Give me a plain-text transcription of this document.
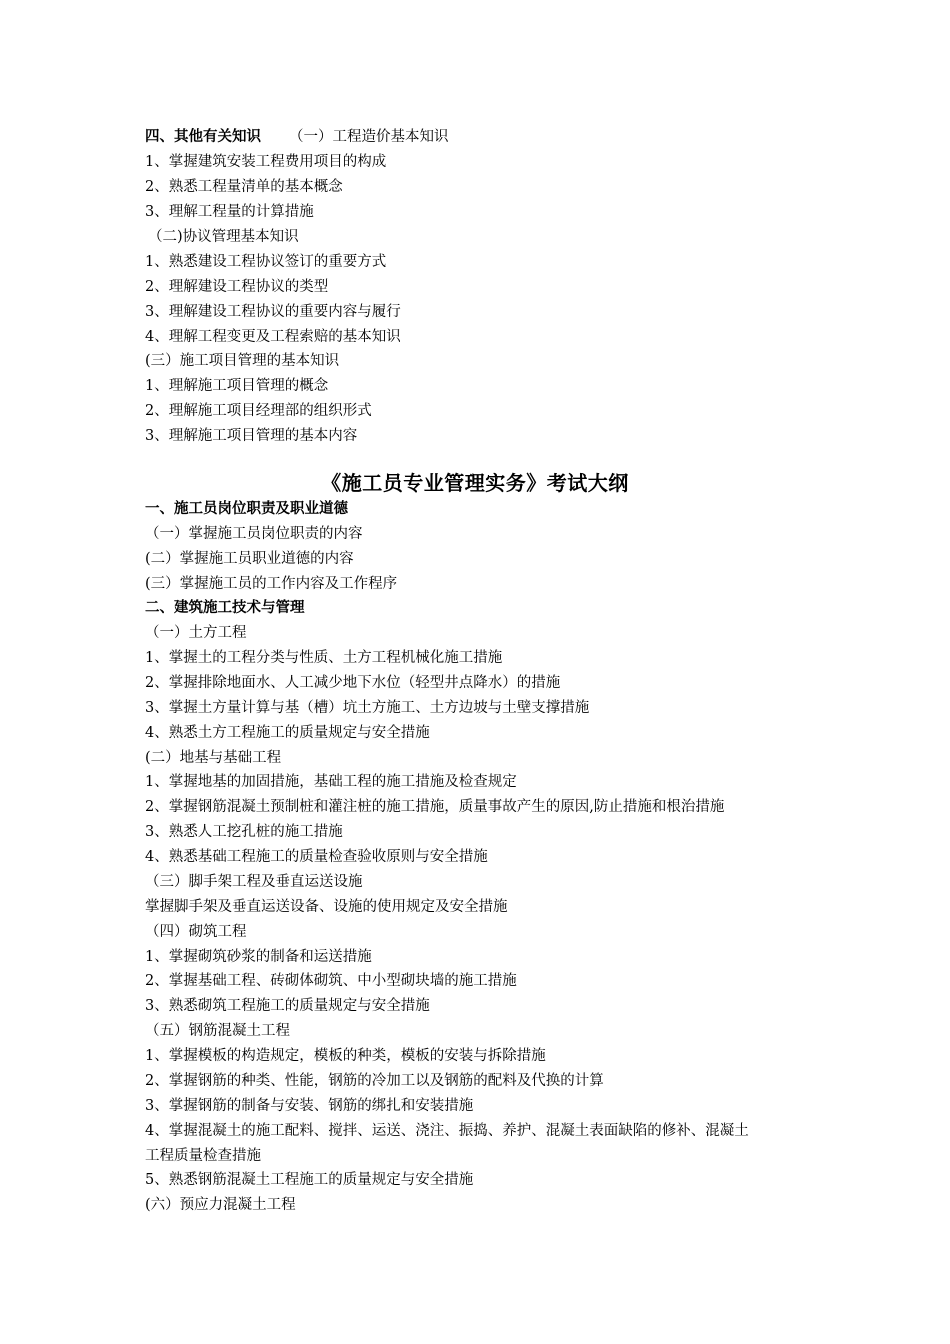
四、其他有关知识 （一）工程造价基本知识
1、掌握建筑安装工程费用项目的构成
2、熟悉工程量清单的基本概念
3、理解工程量的计算措施
（二)协议管理基本知识
1、熟悉建设工程协议签订的重要方式
2、理解建设工程协议的类型
3、理解建设工程协议的重要内容与履行
4、理解工程变更及工程索赔的基本知识
(三）施工项目管理的基本知识
1、理解施工项目管理的概念
2、理解施工项目经理部的组织形式
3、理解施工项目管理的基本内容
《施工员专业管理实务》考试大纲
一、施工员岗位职责及职业道德
（一）掌握施工员岗位职责的内容
(二）掌握施工员职业道德的内容
(三）掌握施工员的工作内容及工作程序
二、建筑施工技术与管理
（一）土方工程
1、掌握土的工程分类与性质、土方工程机械化施工措施
2、掌握排除地面水、人工减少地下水位（轻型井点降水）的措施
3、掌握土方量计算与基（槽）坑土方施工、土方边坡与土壁支撑措施
4、熟悉土方工程施工的质量规定与安全措施
(二）地基与基础工程
1、掌握地基的加固措施，基础工程的施工措施及检查规定
2、掌握钢筋混凝土预制桩和灌注桩的施工措施，质量事故产生的原因,防止措施和根治措施
3、熟悉人工挖孔桩的施工措施
4、熟悉基础工程施工的质量检查验收原则与安全措施
（三）脚手架工程及垂直运送设施
掌握脚手架及垂直运送设备、设施的使用规定及安全措施
（四）砌筑工程
1、掌握砌筑砂浆的制备和运送措施
2、掌握基础工程、砖砌体砌筑、中小型砌块墙的施工措施
3、熟悉砌筑工程施工的质量规定与安全措施
（五）钢筋混凝土工程
1、掌握模板的构造规定，模板的种类，模板的安装与拆除措施
2、掌握钢筋的种类、性能，钢筋的冷加工以及钢筋的配料及代换的计算
3、掌握钢筋的制备与安装、钢筋的绑扎和安装措施
4、掌握混凝土的施工配料、搅拌、运送、浇注、振捣、养护、混凝土表面缺陷的修补、混凝土
工程质量检查措施
5、熟悉钢筋混凝土工程施工的质量规定与安全措施
(六）预应力混凝土工程
